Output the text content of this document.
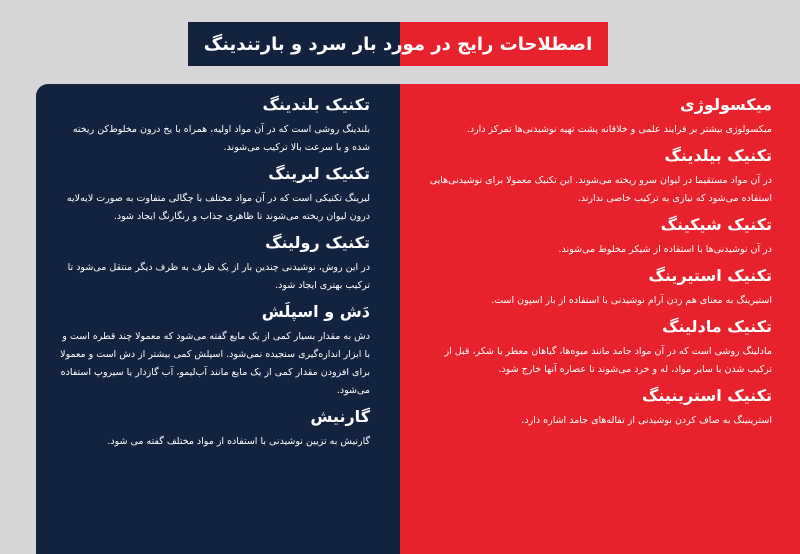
اصطلاحات رایج در مورد بار سرد و بارتندینگ
میکسولوژی

میکسولوژی بیشتر بر فرایند علمی و خلاقانه پشت تهیه نوشیدنی‌ها تمرکز دارد.

تکنیک بیلدینگ

در آن مواد مستقیما در لیوان سرو ریخته می‌شوند. این تکنیک معمولا برای نوشیدنی‌هایی استفاده می‌شود که نیازی به ترکیب خاصی ندارند.

تکنیک شیکینگ

در آن نوشیدنی‌ها با استفاده از شیکر مخلوط می‌شوند.

تکنیک استیرینگ

استیرینگ به معنای هم زدن آرام نوشیدنی با استفاده از بار اسپون است.

تکنیک مادلینگ

مادلینگ روشی است که در آن مواد جامد مانند میوه‌ها، گیاهان معطر یا شکر، قبل از ترکیب شدن با سایر مواد، له و خرد می‌شوند تا عصاره آنها خارج شود.

تکنیک استرینینگ

استرینینگ به صاف کردن نوشیدنی از تفاله‌های جامد اشاره دارد.

تکنیک بلندینگ

بلندینگ روشی است که در آن مواد اولیه، همراه با یخ درون مخلوط‌کن ریخته شده و با سرعت بالا ترکیب می‌شوند.

تکنیک لیرینگ

لیرینگ تکنیکی است که در آن مواد مختلف با چگالی متفاوت به صورت لایه‌لایه درون لیوان ریخته می‌شوند تا ظاهری جذاب و رنگارنگ ایجاد شود.

تکنیک رولینگ

در این روش، نوشیدنی چندین بار از یک ظرف به ظرف دیگر منتقل می‌شود تا ترکیب بهتری ایجاد شود.

دَش و اسپلَش

دش به مقدار بسیار کمی از یک مایع گفته می‌شود که معمولا چند قطره است و با ابزار اندازه‌گیری سنجیده نمی‌شود. اسپلش کمی بیشتر از دش است و معمولا برای افزودن مقدار کمی از یک مایع مانند آب‌لیمو، آب گازدار یا سیروپ استفاده می‌شود.

گارنیش

گارنیش به تزیین نوشیدنی با استفاده از مواد مختلف گفته می شود.
